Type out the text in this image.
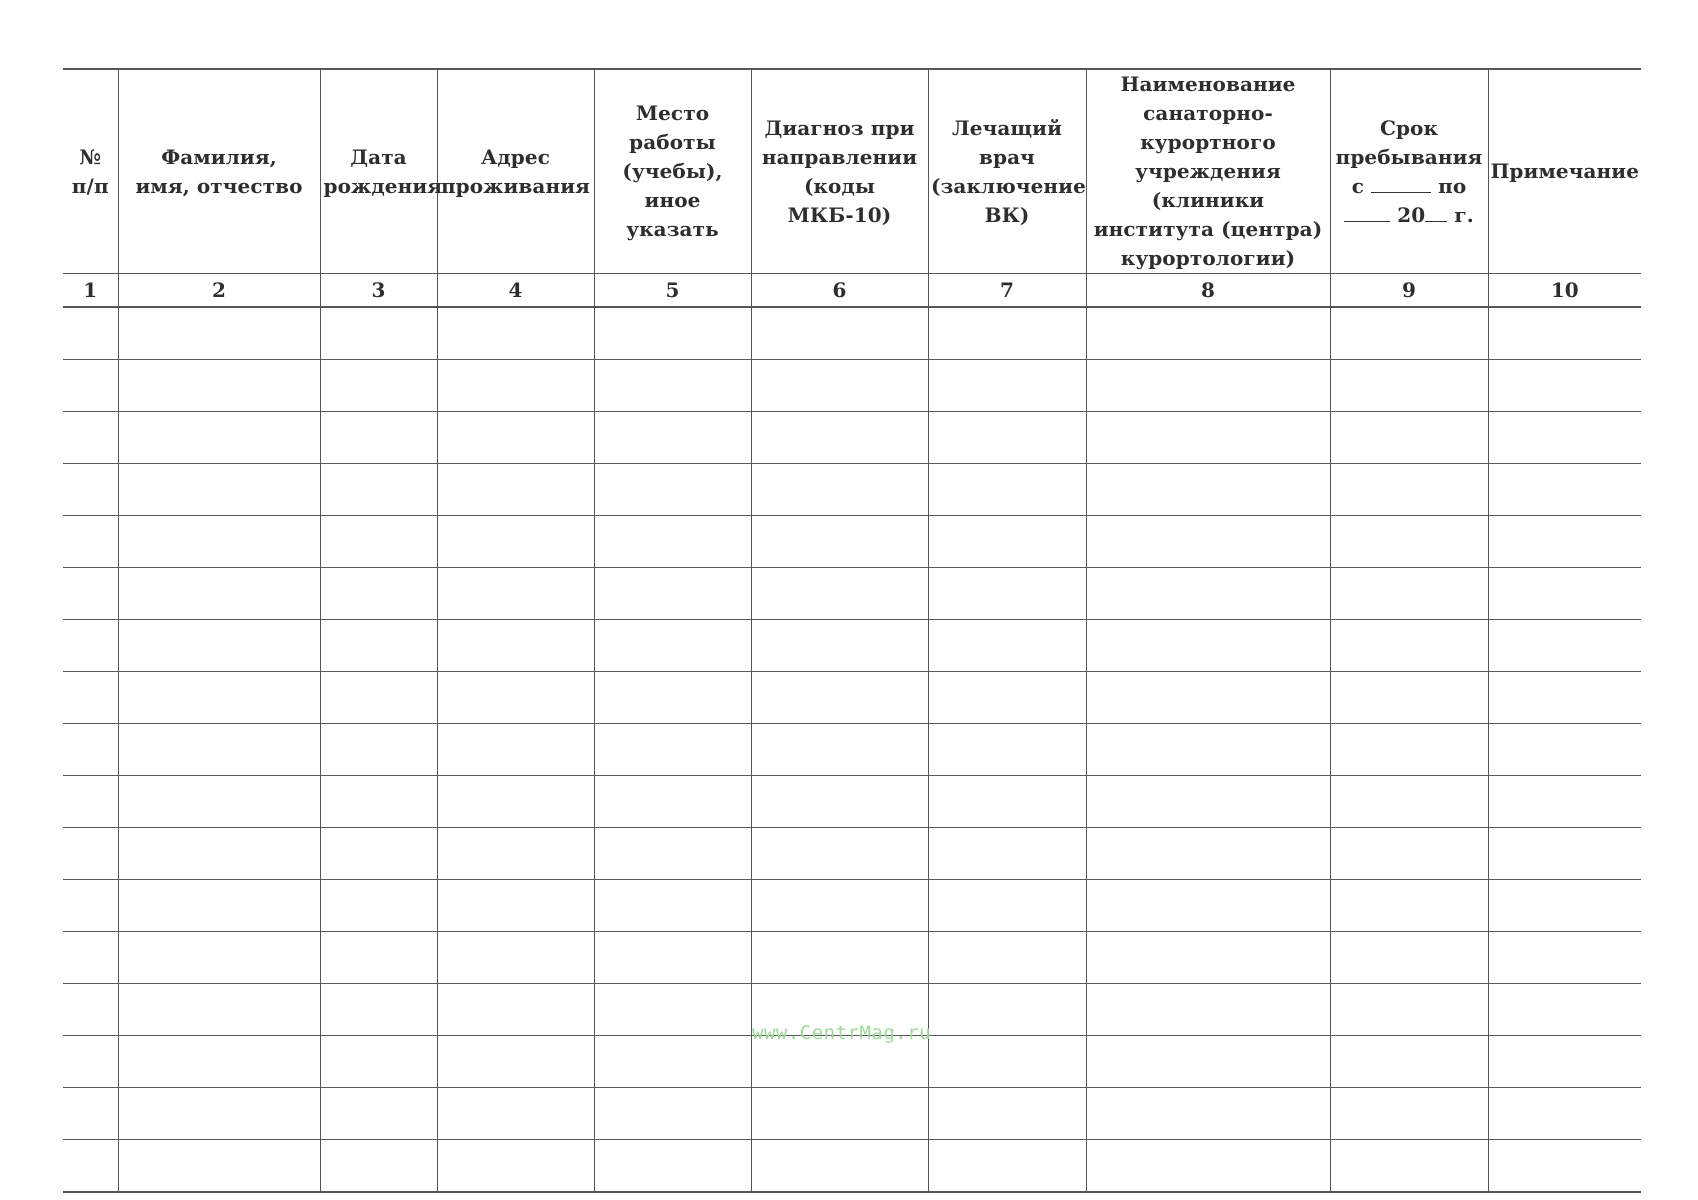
№ п/п	Фамилия, имя, отчество	Дата рождения	Адрес проживания	Место работы (учебы), иное указать	Диагноз при направлении (коды МКБ-10)	Лечащий врач (заключение ВК)	Наименование санаторно-курортного учреждения (клиники института (центра) курортологии)	Срок
пребывания
с по
20 г.	Примечание
1	2	3	4	5	6	7	8	9	10

www.CentrMag.ru
